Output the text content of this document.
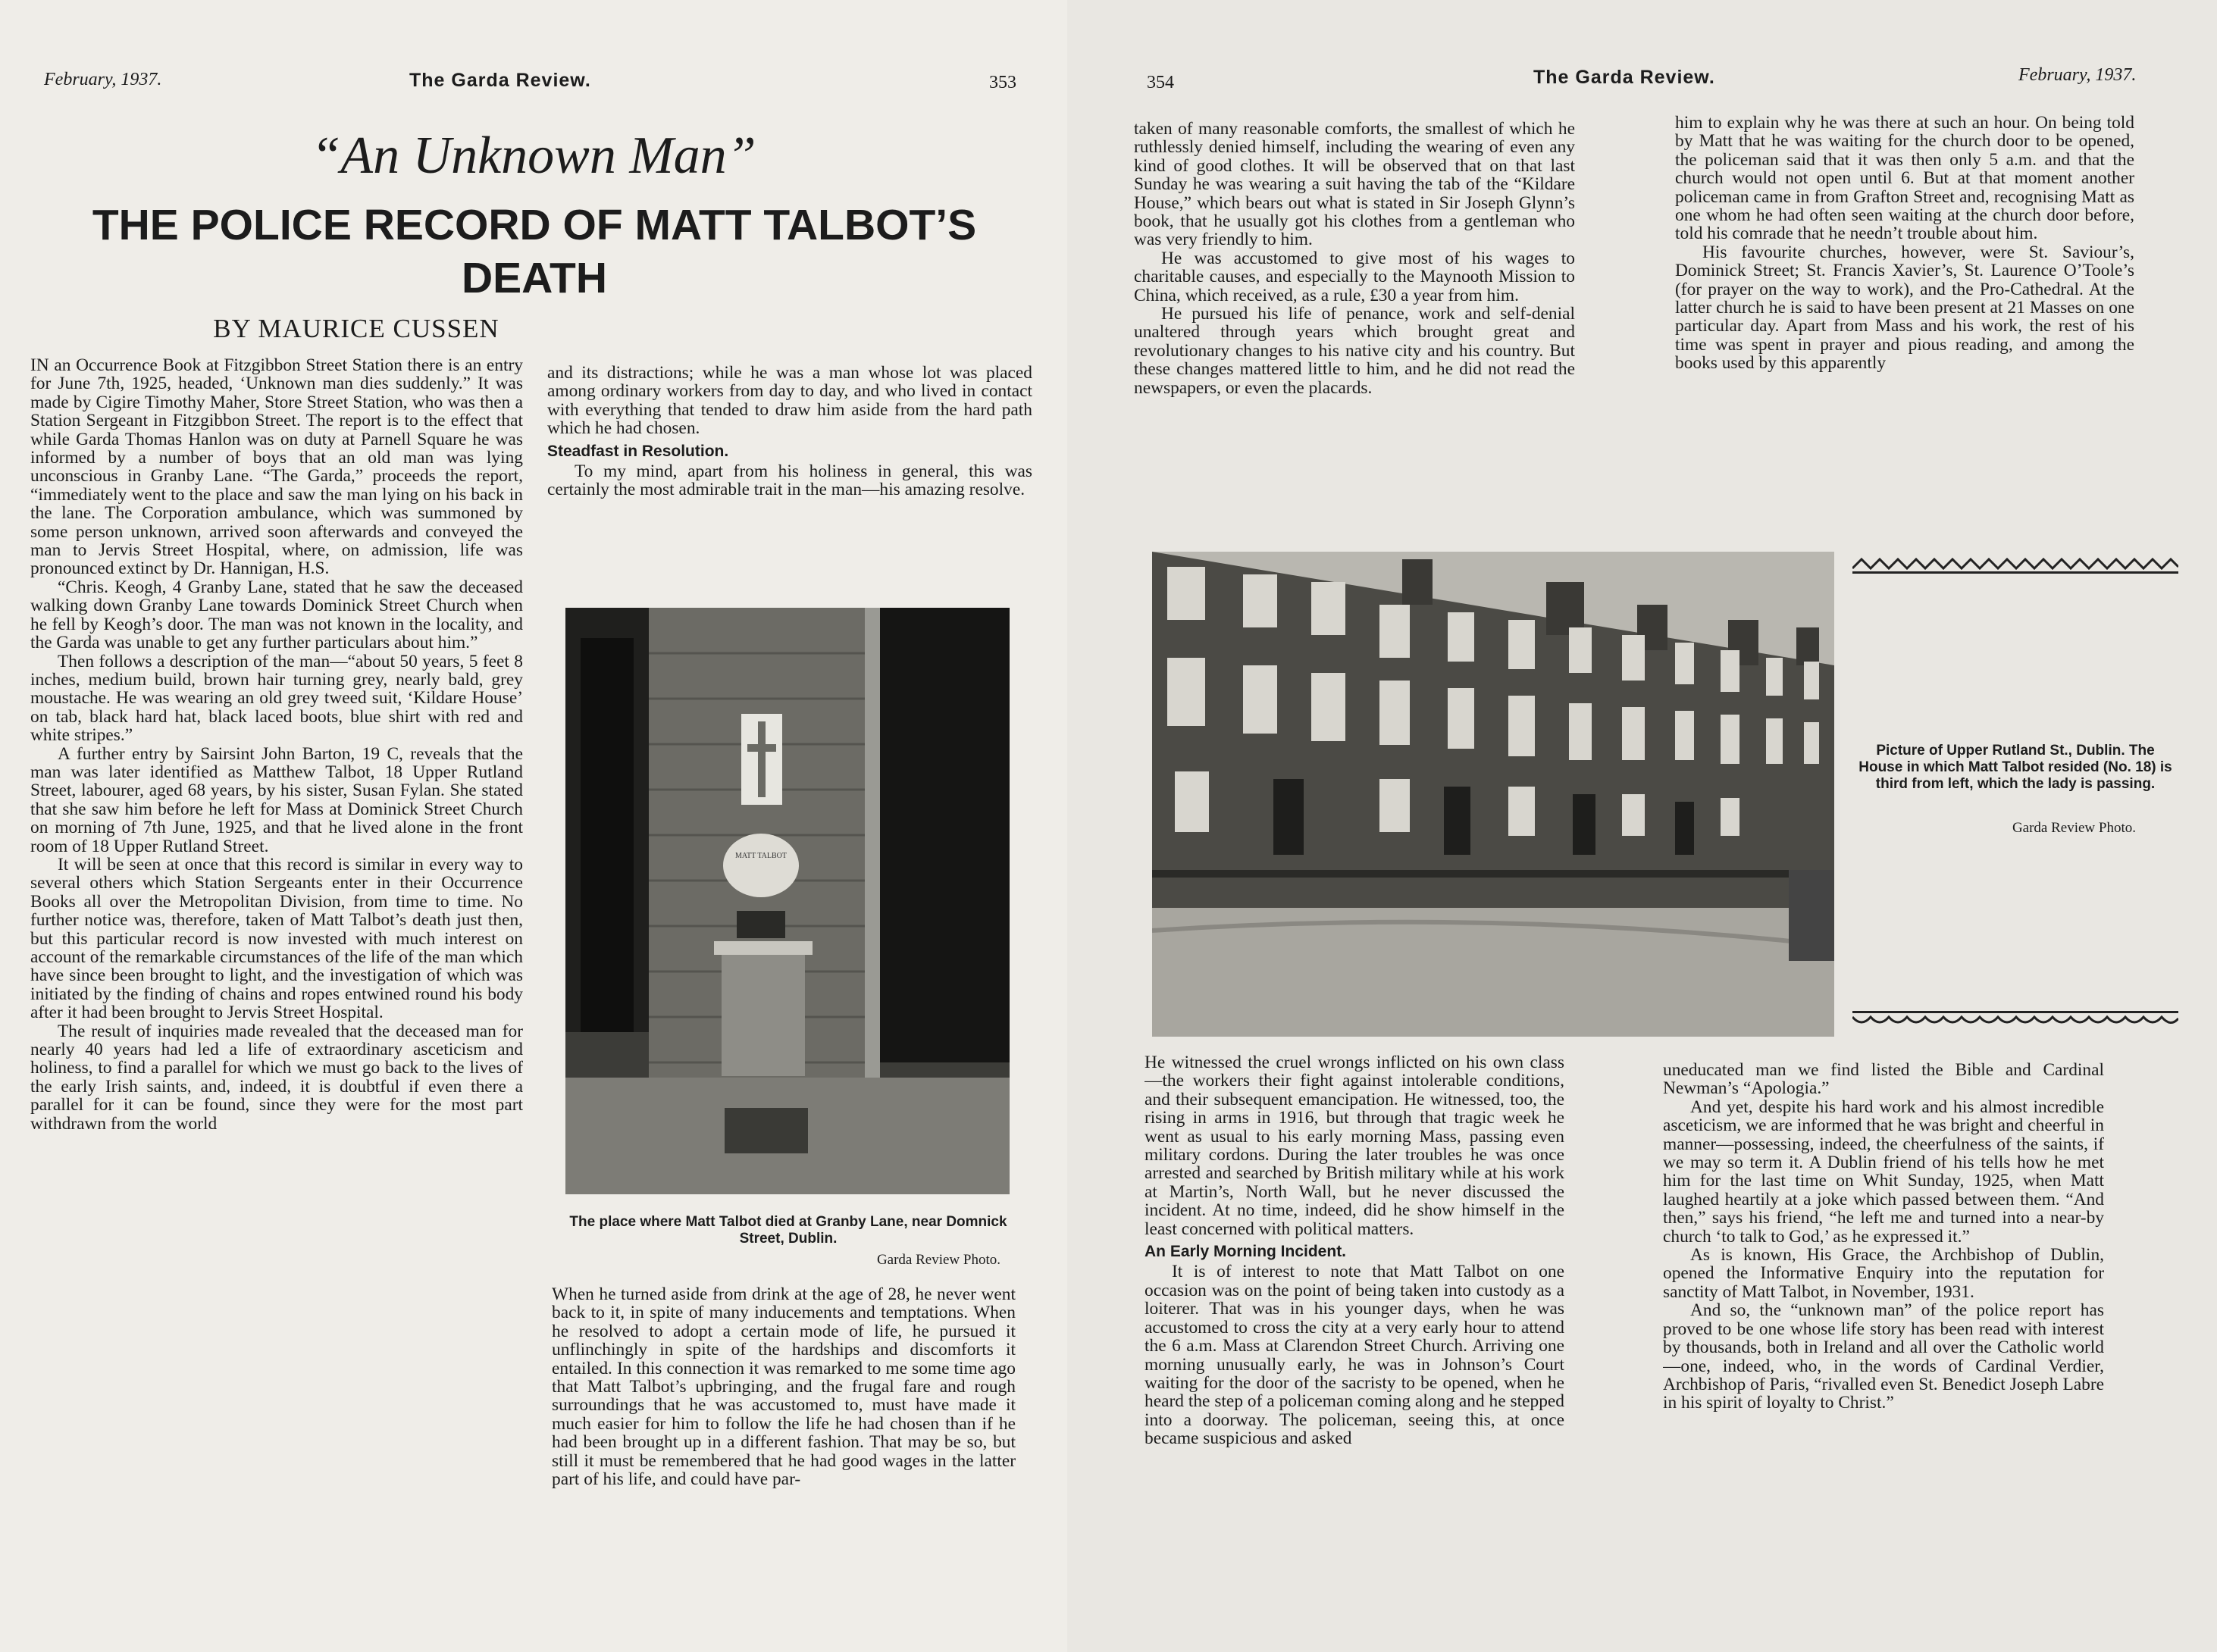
February, 1937.	The Garda Review.	353
“An Unknown Man”
THE POLICE RECORD OF MATT TALBOT’S DEATH
BY MAURICE CUSSEN

IN an Occurrence Book at Fitzgibbon Street Station there is an entry for June 7th, 1925, headed, ‘Unknown man dies suddenly.” It was made by Cigire Timothy Maher, Store Street Station, who was then a Station Sergeant in Fitzgibbon Street. The report is to the effect that while Garda Thomas Hanlon was on duty at Parnell Square he was informed by a number of boys that an old man was lying unconscious in Granby Lane. “The Garda,” proceeds the report, “immediately went to the place and saw the man lying on his back in the lane. The Corporation ambulance, which was summoned by some person unknown, arrived soon afterwards and conveyed the man to Jervis Street Hospital, where, on admission, life was pronounced extinct by Dr. Hannigan, H.S.

“Chris. Keogh, 4 Granby Lane, stated that he saw the deceased walking down Granby Lane towards Dominick Street Church when he fell by Keogh’s door. The man was not known in the locality, and the Garda was unable to get any further particulars about him.”

Then follows a description of the man—“about 50 years, 5 feet 8 inches, medium build, brown hair turning grey, nearly bald, grey moustache. He was wearing an old grey tweed suit, ‘Kildare House’ on tab, black hard hat, black laced boots, blue shirt with red and white stripes.”

A further entry by Sairsint John Barton, 19 C, reveals that the man was later identified as Matthew Talbot, 18 Upper Rutland Street, labourer, aged 68 years, by his sister, Susan Fylan. She stated that she saw him before he left for Mass at Dominick Street Church on morning of 7th June, 1925, and that he lived alone in the front room of 18 Upper Rutland Street.

It will be seen at once that this record is similar in every way to several others which Station Sergeants enter in their Occurrence Books all over the Metropolitan Division, from time to time. No further notice was, therefore, taken of Matt Talbot’s death just then, but this particular record is now invested with much interest on account of the remarkable circumstances of the life of the man which have since been brought to light, and the investigation of which was initiated by the finding of chains and ropes entwined round his body after it had been brought to Jervis Street Hospital.

The result of inquiries made revealed that the deceased man for nearly 40 years had led a life of extraordinary asceticism and holiness, to find a parallel for which we must go back to the lives of the early Irish saints, and, indeed, it is doubtful if even there a parallel for it can be found, since they were for the most part withdrawn from the world

and its distractions; while he was a man whose lot was placed among ordinary workers from day to day, and who lived in contact with everything that tended to draw him aside from the hard path which he had chosen.

Steadfast in Resolution.

To my mind, apart from his holiness in general, this was certainly the most admirable trait in the man—his amazing resolve.

MATT TALBOT
The place where Matt Talbot died at Granby Lane, near Domnick Street, Dublin.
Garda Review Photo.

When he turned aside from drink at the age of 28, he never went back to it, in spite of many inducements and temptations. When he resolved to adopt a certain mode of life, he pursued it unflinchingly in spite of the hardships and discomforts it entailed. In this connection it was remarked to me some time ago that Matt Talbot’s upbringing, and the frugal fare and rough surroundings that he was accustomed to, must have made it much easier for him to follow the life he had chosen than if he had been brought up in a different fashion. That may be so, but still it must be remembered that he had good wages in the latter part of his life, and could have par-

354	The Garda Review.	February, 1937.

taken of many reasonable comforts, the smallest of which he ruthlessly denied himself, including the wearing of even any kind of good clothes. It will be observed that on that last Sunday he was wearing a suit having the tab of the “Kildare House,” which bears out what is stated in Sir Joseph Glynn’s book, that he usually got his clothes from a gentleman who was very friendly to him.

He was accustomed to give most of his wages to charitable causes, and especially to the Maynooth Mission to China, which received, as a rule, £30 a year from him.

He pursued his life of penance, work and self-denial unaltered through years which brought great and revolutionary changes to his native city and his country. But these changes mattered little to him, and he did not read the newspapers, or even the placards.

him to explain why he was there at such an hour. On being told by Matt that he was waiting for the church door to be opened, the policeman said that it was then only 5 a.m. and that the church would not open until 6. But at that moment another policeman came in from Grafton Street and, recognising Matt as one whom he had often seen waiting at the church door before, told his comrade that he needn’t trouble about him.

His favourite churches, however, were St. Saviour’s, Dominick Street; St. Francis Xavier’s, St. Laurence O’Toole’s (for prayer on the way to work), and the Pro-Cathedral. At the latter church he is said to have been present at 21 Masses on one particular day. Apart from Mass and his work, the rest of his time was spent in prayer and pious reading, and among the books used by this apparently

Picture of Upper Rutland St., Dublin. The House in which Matt Talbot resided (No. 18) is third from left, which the lady is passing.
Garda Review Photo.

He witnessed the cruel wrongs inflicted on his own class—the workers their fight against intolerable conditions, and their subsequent emancipation. He witnessed, too, the rising in arms in 1916, but through that tragic week he went as usual to his early morning Mass, passing even military cordons. During the later troubles he was once arrested and searched by British military while at his work at Martin’s, North Wall, but he never discussed the incident. At no time, indeed, did he show himself in the least concerned with political matters.

An Early Morning Incident.

It is of interest to note that Matt Talbot on one occasion was on the point of being taken into custody as a loiterer. That was in his younger days, when he was accustomed to cross the city at a very early hour to attend the 6 a.m. Mass at Clarendon Street Church. Arriving one morning unusually early, he was in Johnson’s Court waiting for the door of the sacristy to be opened, when he heard the step of a policeman coming along and he stepped into a doorway. The policeman, seeing this, at once became suspicious and asked

uneducated man we find listed the Bible and Cardinal Newman’s “Apologia.”

And yet, despite his hard work and his almost incredible asceticism, we are informed that he was bright and cheerful in manner—possessing, indeed, the cheerfulness of the saints, if we may so term it. A Dublin friend of his tells how he met him for the last time on Whit Sunday, 1925, when Matt laughed heartily at a joke which passed between them. “And then,” says his friend, “he left me and turned into a near-by church ‘to talk to God,’ as he expressed it.”

As is known, His Grace, the Archbishop of Dublin, opened the Informative Enquiry into the reputation for sanctity of Matt Talbot, in November, 1931.

And so, the “unknown man” of the police report has proved to be one whose life story has been read with interest by thousands, both in Ireland and all over the Catholic world—one, indeed, who, in the words of Cardinal Verdier, Archbishop of Paris, “rivalled even St. Benedict Joseph Labre in his spirit of loyalty to Christ.”
